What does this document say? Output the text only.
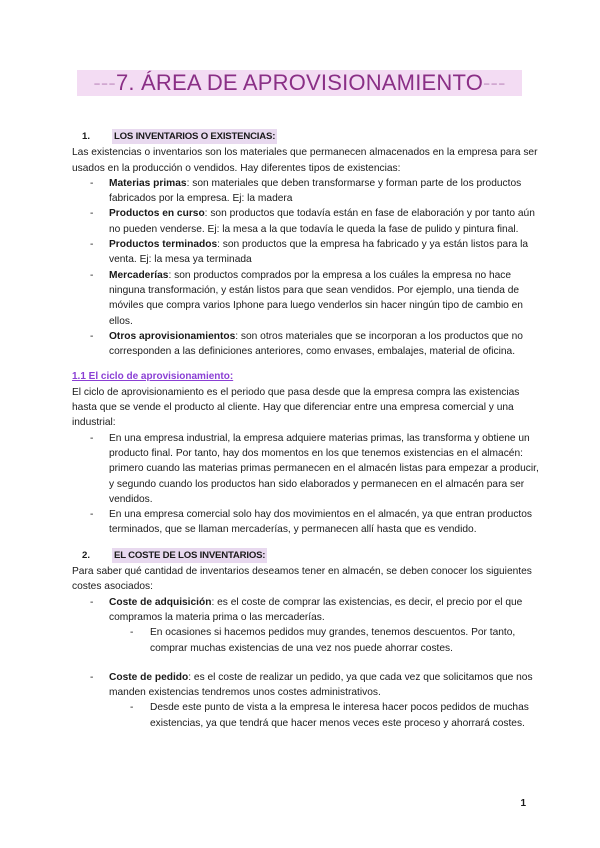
---7. ÁREA DE APROVISIONAMIENTO---
1.	LOS INVENTARIOS O EXISTENCIAS:

Las existencias o inventarios son los materiales que permanecen almacenados en la empresa para ser usados en la producción o vendidos. Hay diferentes tipos de existencias:

- Materias primas: son materiales que deben transformarse y forman parte de los productos fabricados por la empresa. Ej: la madera
- Productos en curso: son productos que todavía están en fase de elaboración y por tanto aún no pueden venderse. Ej: la mesa a la que todavía le queda la fase de pulido y pintura final.
- Productos terminados: son productos que la empresa ha fabricado y ya están listos para la venta. Ej: la mesa ya terminada
- Mercaderías: son productos comprados por la empresa a los cuáles la empresa no hace ninguna transformación, y están listos para que sean vendidos. Por ejemplo, una tienda de móviles que compra varios Iphone para luego venderlos sin hacer ningún tipo de cambio en ellos.
- Otros aprovisionamientos: son otros materiales que se incorporan a los productos que no corresponden a las definiciones anteriores, como envases, embalajes, material de oficina.

1.1 El ciclo de aprovisionamiento:

El ciclo de aprovisionamiento es el periodo que pasa desde que la empresa compra las existencias hasta que se vende el producto al cliente. Hay que diferenciar entre una empresa comercial y una industrial:

- En una empresa industrial, la empresa adquiere materias primas, las transforma y obtiene un producto final. Por tanto, hay dos momentos en los que tenemos existencias en el almacén: primero cuando las materias primas permanecen en el almacén listas para empezar a producir, y segundo cuando los productos han sido elaborados y permanecen en el almacén para ser vendidos.
- En una empresa comercial solo hay dos movimientos en el almacén, ya que entran productos terminados, que se llaman mercaderías, y permanecen allí hasta que es vendido.
2.	EL COSTE DE LOS INVENTARIOS:

Para saber qué cantidad de inventarios deseamos tener en almacén, se deben conocer los siguientes costes asociados:

- Coste de adquisición: es el coste de comprar las existencias, es decir, el precio por el que compramos la materia prima o las mercaderías.
- En ocasiones si hacemos pedidos muy grandes, tenemos descuentos. Por tanto, comprar muchas existencias de una vez nos puede ahorrar costes.
- Coste de pedido: es el coste de realizar un pedido, ya que cada vez que solicitamos que nos manden existencias tendremos unos costes administrativos.
- Desde este punto de vista a la empresa le interesa hacer pocos pedidos de muchas existencias, ya que tendrá que hacer menos veces este proceso y ahorrará costes.
1
